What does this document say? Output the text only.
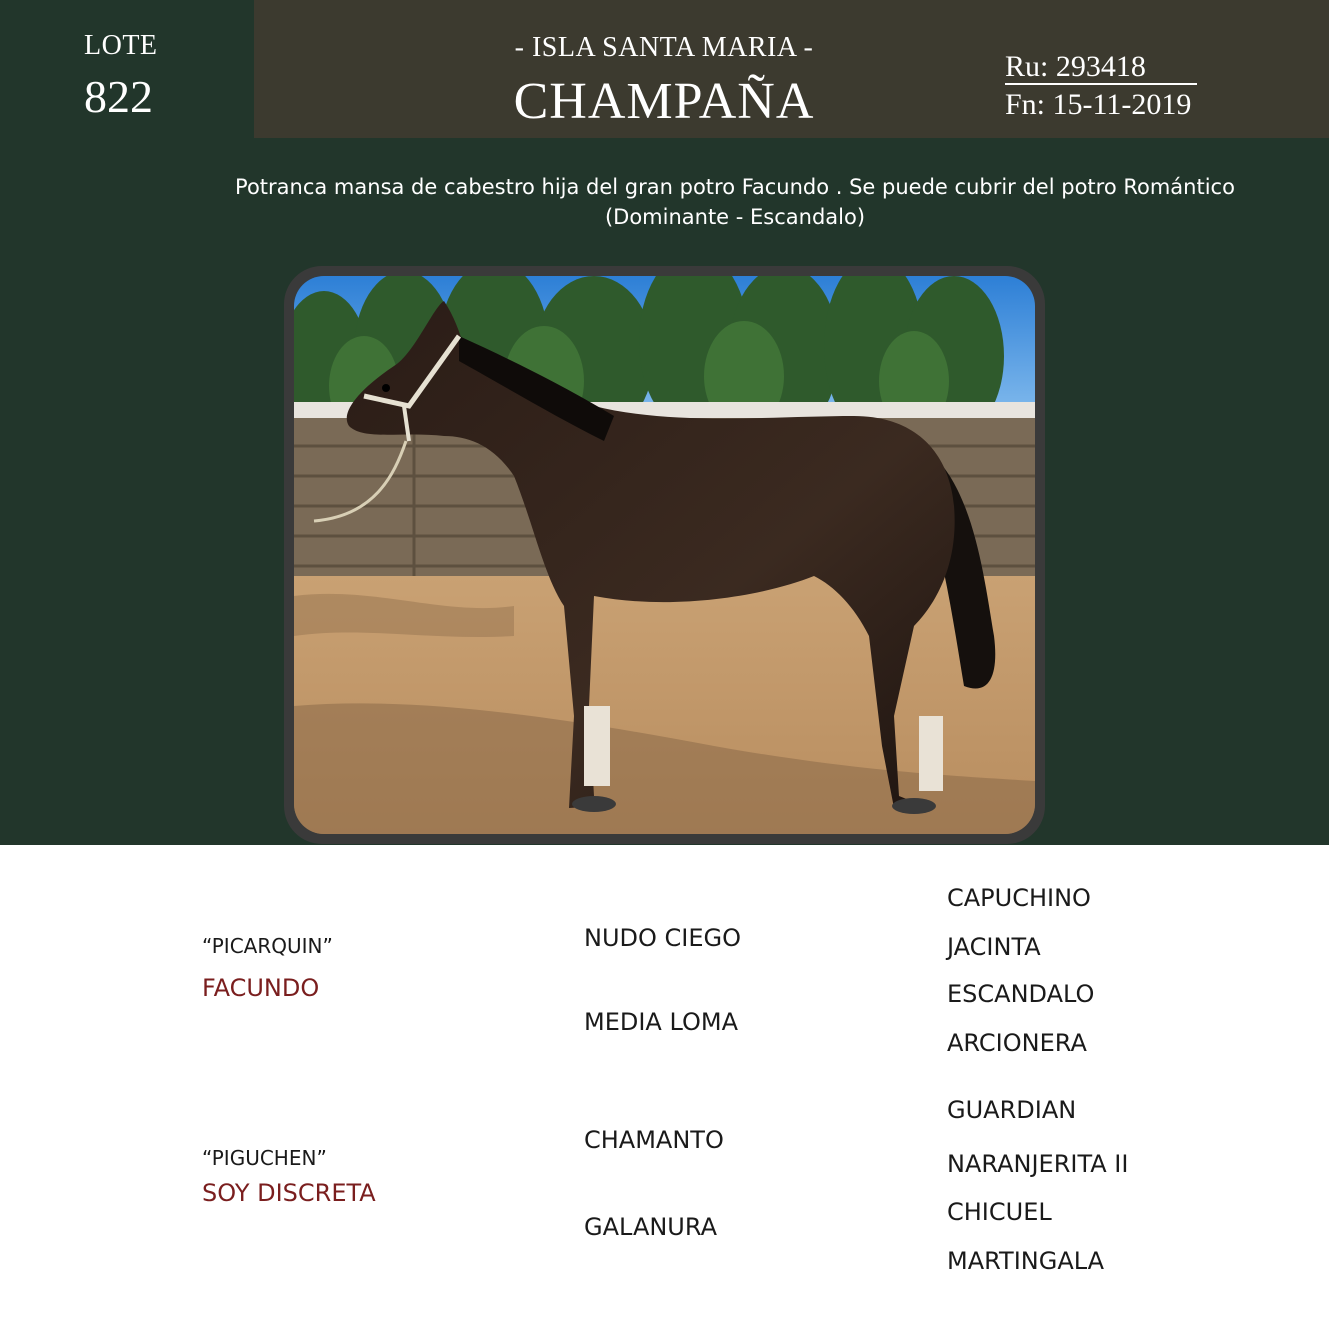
LOTE
822
- ISLA SANTA MARIA -
CHAMPAÑA
Ru: 293418
Fn: 15-11-2019
Potranca mansa de cabestro hija del gran potro Facundo . Se puede cubrir del potro Romántico
(Dominante - Escandalo)
“PICARQUIN”
FACUNDO
“PIGUCHEN”
SOY DISCRETA
NUDO CIEGO
MEDIA LOMA
CHAMANTO
GALANURA
CAPUCHINO
JACINTA
ESCANDALO
ARCIONERA
GUARDIAN
NARANJERITA II
CHICUEL
MARTINGALA
